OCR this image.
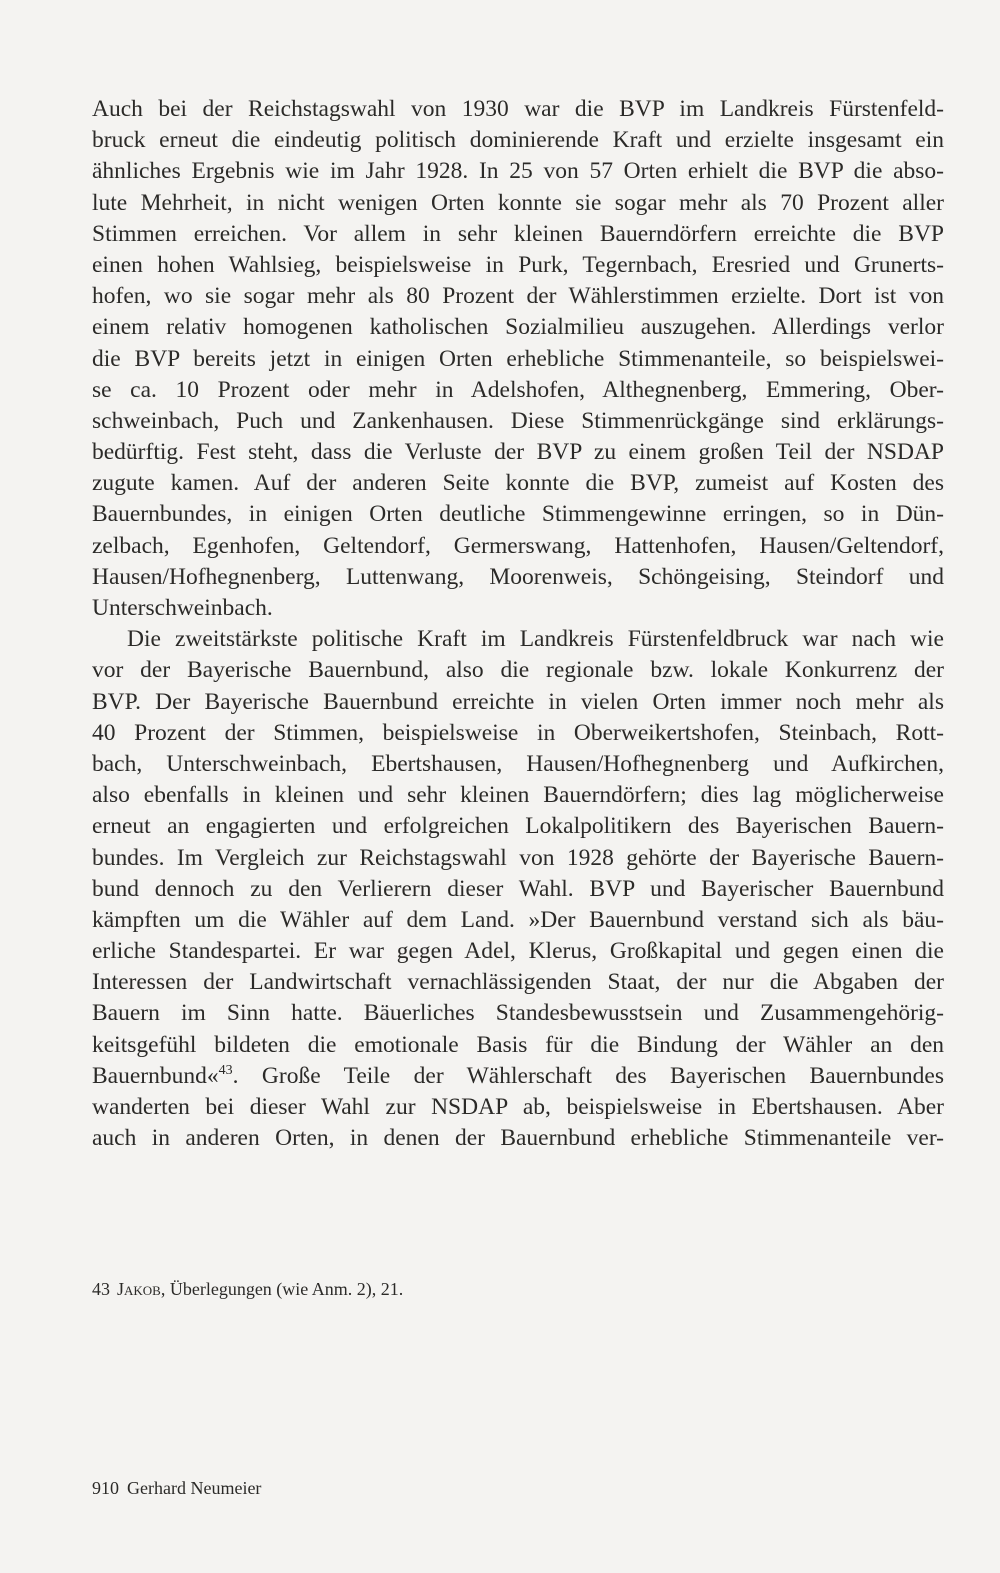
Auch bei der Reichstagswahl von 1930 war die BVP im Landkreis Fürstenfeld-
bruck erneut die eindeutig politisch dominierende Kraft und erzielte insgesamt ein
ähnliches Ergebnis wie im Jahr 1928. In 25 von 57 Orten erhielt die BVP die abso-
lute Mehrheit, in nicht wenigen Orten konnte sie sogar mehr als 70 Prozent aller
Stimmen erreichen. Vor allem in sehr kleinen Bauerndörfern erreichte die BVP
einen hohen Wahlsieg, beispielsweise in Purk, Tegernbach, Eresried und Grunerts-
hofen, wo sie sogar mehr als 80 Prozent der Wählerstimmen erzielte. Dort ist von
einem relativ homogenen katholischen Sozialmilieu auszugehen. Allerdings verlor
die BVP bereits jetzt in einigen Orten erhebliche Stimmenanteile, so beispielswei-
se ca. 10 Prozent oder mehr in Adelshofen, Althegnenberg, Emmering, Ober-
schweinbach, Puch und Zankenhausen. Diese Stimmenrückgänge sind erklärungs-
bedürftig. Fest steht, dass die Verluste der BVP zu einem großen Teil der NSDAP
zugute kamen. Auf der anderen Seite konnte die BVP, zumeist auf Kosten des
Bauernbundes, in einigen Orten deutliche Stimmengewinne erringen, so in Dün-
zelbach, Egenhofen, Geltendorf, Germerswang, Hattenhofen, Hausen/Geltendorf,
Hausen/Hofhegnenberg, Luttenwang, Moorenweis, Schöngeising, Steindorf und
Unterschweinbach.
Die zweitstärkste politische Kraft im Landkreis Fürstenfeldbruck war nach wie
vor der Bayerische Bauernbund, also die regionale bzw. lokale Konkurrenz der
BVP. Der Bayerische Bauernbund erreichte in vielen Orten immer noch mehr als
40 Prozent der Stimmen, beispielsweise in Oberweikertshofen, Steinbach, Rott-
bach, Unterschweinbach, Ebertshausen, Hausen/Hofhegnenberg und Aufkirchen,
also ebenfalls in kleinen und sehr kleinen Bauerndörfern; dies lag möglicherweise
erneut an engagierten und erfolgreichen Lokalpolitikern des Bayerischen Bauern-
bundes. Im Vergleich zur Reichstagswahl von 1928 gehörte der Bayerische Bauern-
bund dennoch zu den Verlierern dieser Wahl. BVP und Bayerischer Bauernbund
kämpften um die Wähler auf dem Land. »Der Bauernbund verstand sich als bäu-
erliche Standespartei. Er war gegen Adel, Klerus, Großkapital und gegen einen die
Interessen der Landwirtschaft vernachlässigenden Staat, der nur die Abgaben der
Bauern im Sinn hatte. Bäuerliches Standesbewusstsein und Zusammengehörig-
keitsgefühl bildeten die emotionale Basis für die Bindung der Wähler an den
Bauernbund«$^{43}$. Große Teile der Wählerschaft des Bayerischen Bauernbundes
wanderten bei dieser Wahl zur NSDAP ab, beispielsweise in Ebertshausen. Aber
auch in anderen Orten, in denen der Bauernbund erhebliche Stimmenanteile ver-
43 Jakob, Überlegungen (wie Anm. 2), 21.
910 Gerhard Neumeier
